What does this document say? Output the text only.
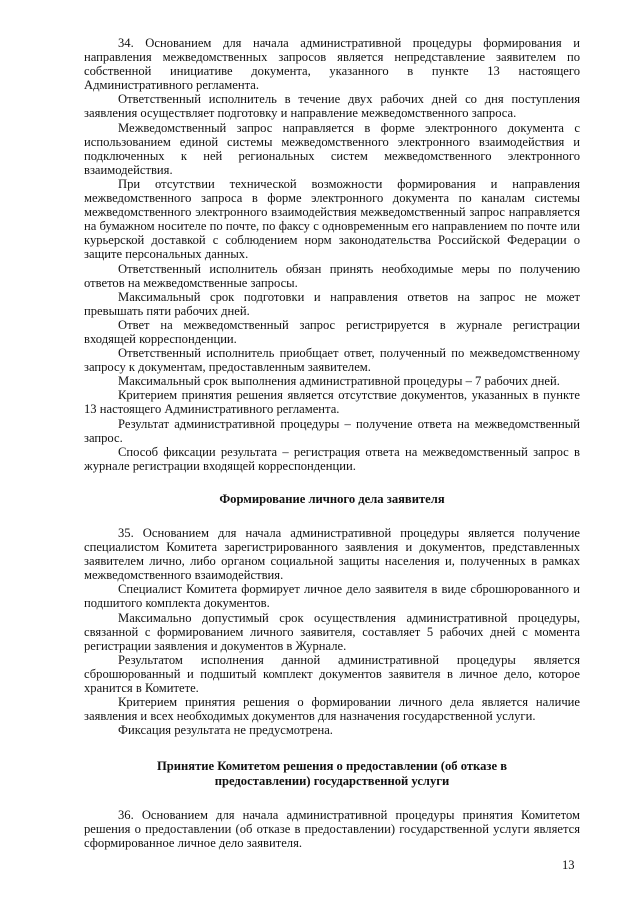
34. Основанием для начала административной процедуры формирования и направления межведомственных запросов является непредставление заявителем по собственной инициативе документа, указанного в пункте 13 настоящего Административного регламента.

Ответственный исполнитель в течение двух рабочих дней со дня поступления заявления осуществляет подготовку и направление межведомственного запроса.

Межведомственный запрос направляется в форме электронного документа с использованием единой системы межведомственного электронного взаимодействия и подключенных к ней региональных систем межведомственного электронного взаимодействия.

При отсутствии технической возможности формирования и направления межведомственного запроса в форме электронного документа по каналам системы межведомственного электронного взаимодействия межведомственный запрос направляется на бумажном носителе по почте, по факсу с одновременным его направлением по почте или курьерской доставкой с соблюдением норм законодательства Российской Федерации о защите персональных данных.

Ответственный исполнитель обязан принять необходимые меры по получению ответов на межведомственные запросы.

Максимальный срок подготовки и направления ответов на запрос не может превышать пяти рабочих дней.

Ответ на межведомственный запрос регистрируется в журнале регистрации входящей корреспонденции.

Ответственный исполнитель приобщает ответ, полученный по межведомственному запросу к документам, предоставленным заявителем.

Максимальный срок выполнения административной процедуры – 7 рабочих дней.

Критерием принятия решения является отсутствие документов, указанных в пункте 13 настоящего Административного регламента.

Результат административной процедуры – получение ответа на межведомственный запрос.

Способ фиксации результата – регистрация ответа на межведомственный запрос в журнале регистрации входящей корреспонденции.

Формирование личного дела заявителя

35. Основанием для начала административной процедуры является получение специалистом Комитета зарегистрированного заявления и документов, представленных заявителем лично, либо органом социальной защиты населения и, полученных в рамках межведомственного взаимодействия.

Специалист Комитета формирует личное дело заявителя в виде сброшюрованного и подшитого комплекта документов.

Максимально допустимый срок осуществления административной процедуры, связанной с формированием личного заявителя, составляет 5 рабочих дней с момента регистрации заявления и документов в Журнале.

Результатом исполнения данной административной процедуры является сброшюрованный и подшитый комплект документов заявителя в личное дело, которое хранится в Комитете.

Критерием принятия решения о формировании личного дела является наличие заявления и всех необходимых документов для назначения государственной услуги.

Фиксация результата не предусмотрена.

Принятие Комитетом решения о предоставлении (об отказе в
предоставлении) государственной услуги

36. Основанием для начала административной процедуры принятия Комитетом решения о предоставлении (об отказе в предоставлении) государственной услуги является сформированное личное дело заявителя.

13
